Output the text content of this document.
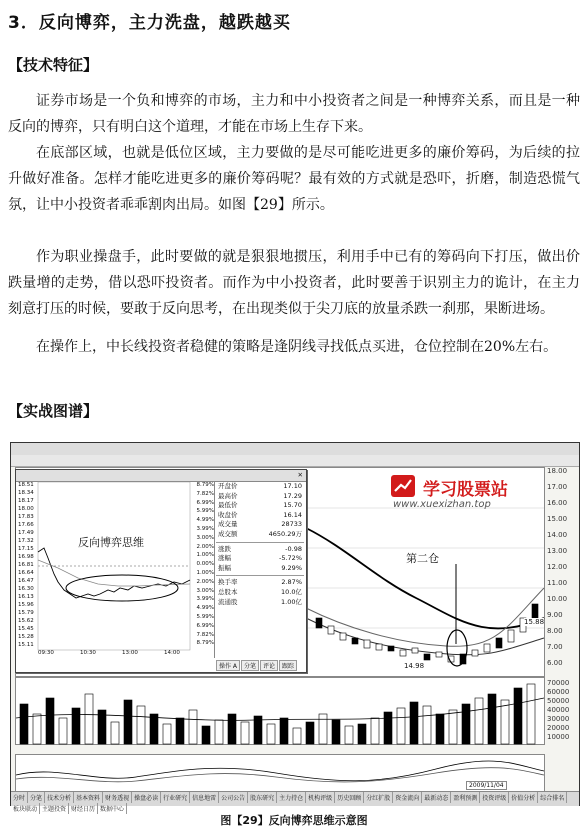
3．反向博弈，主力洗盘，越跌越买
【技术特征】

证券市场是一个负和博弈的市场，主力和中小投资者之间是一种博弈关系，而且是一种反向的博弈，只有明白这个道理，才能在市场上生存下来。

在底部区域，也就是低位区域，主力要做的是尽可能吃进更多的廉价筹码，为后续的拉升做好准备。怎样才能吃进更多的廉价筹码呢？最有效的方式就是恐吓，折磨，制造恐慌气氛，让中小投资者乖乖割肉出局。如图【29】所示。

作为职业操盘手，此时要做的就是狠狠地掼压，利用手中已有的筹码向下打压，做出价跌量增的走势，借以恐吓投资者。而作为中小投资者，此时要善于识别主力的诡计，在主力刻意打压的时候，要敢于反向思考，在出现类似于尖刀底的放量杀跌一刹那，果断进场。

在操作上，中长线投资者稳健的策略是逢阴线寻找低点买进，仓位控制在20%左右。

【实战图谱】
第二仓
14.98
15.88
学习股票站
www.xuexizhan.top
✕
18.51
18.34
18.17
18.00
17.83
17.66
17.49
17.32
17.15
16.98
16.81
16.64
16.47
16.30
16.13
15.96
15.79
15.62
15.45
15.28
15.11
8.79%
7.82%
6.99%
5.99%
4.99%
3.99%
3.00%
2.00%
1.00%
0.00%
1.00%
2.00%
3.00%
3.99%
4.99%
5.99%
6.99%
7.82%
8.79%
反向博弈思维
09:30	10:30	13:00	14:00
开盘价	17.10
最高价	17.29
最低价	15.70
收盘价	16.14
成交量	28733
成交额	4650.29万
涨跌	-0.98
涨幅	-5.72%
振幅	9.29%
换手率	2.87%
总股本	10.0亿
流通股	1.00亿
操作 A 分笔 评论 跟踪
18.00
17.00
16.00
15.00
14.00
13.00
12.00
11.00
10.00
9.00
8.00
7.00
6.00
70000
60000
50000
40000
30000
20000
10000
分时 分笔 技术分析 基本资料 财务透视 操盘必读 行业研究 信息地雷 公司公告 股东研究 主力持仓 机构评级 历史回顾 分红扩股 资金流向 最新动态 盈利预测 投资评级 价值分析 综合排名板块联动 主题投资 财经日历 数据中心
2009/11/04
图【29】反向博弈思维示意图
